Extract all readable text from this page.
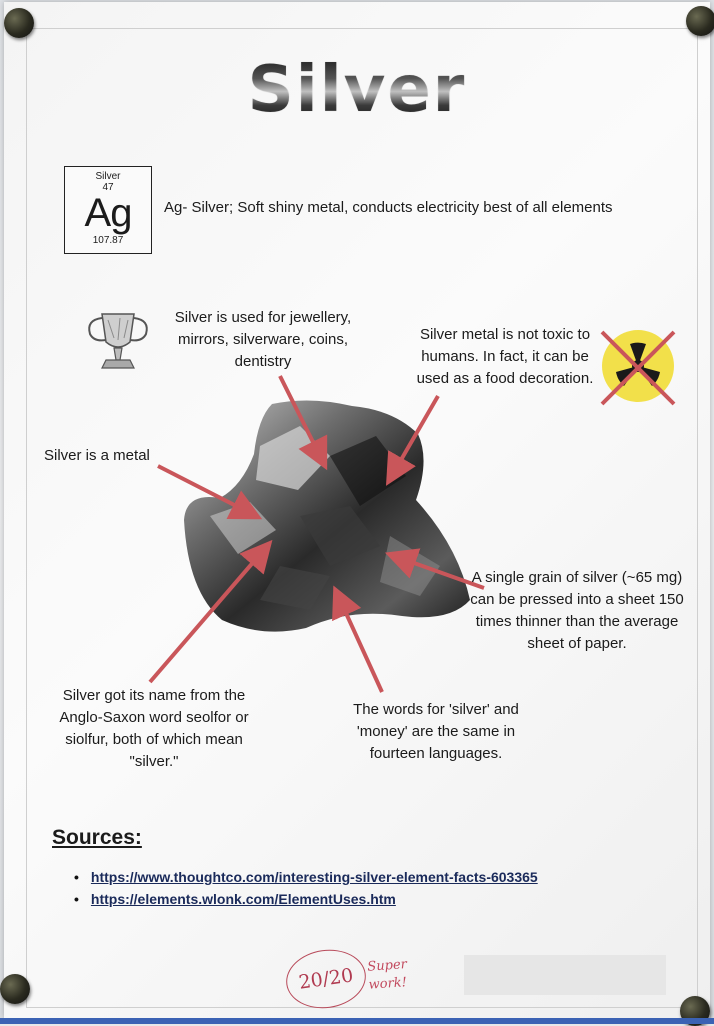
Silver
Silver
47
Ag
107.87
Ag- Silver; Soft shiny metal, conducts electricity best of all elements
Silver is used for jewellery, mirrors, silverware, coins, dentistry
Silver metal is not toxic to humans. In fact, it can be used as a food decoration.
Silver is a metal
A single grain of silver (~65 mg) can be pressed into a sheet 150 times thinner than the average sheet of paper.
Silver got its name from the Anglo-Saxon word seolfor or siolfur, both of which mean "silver."
The words for 'silver' and 'money' are the same in fourteen languages.
Sources:
• https://www.thoughtco.com/interesting-silver-element-facts-603365
• https://elements.wlonk.com/ElementUses.htm
20/20 Super work!
